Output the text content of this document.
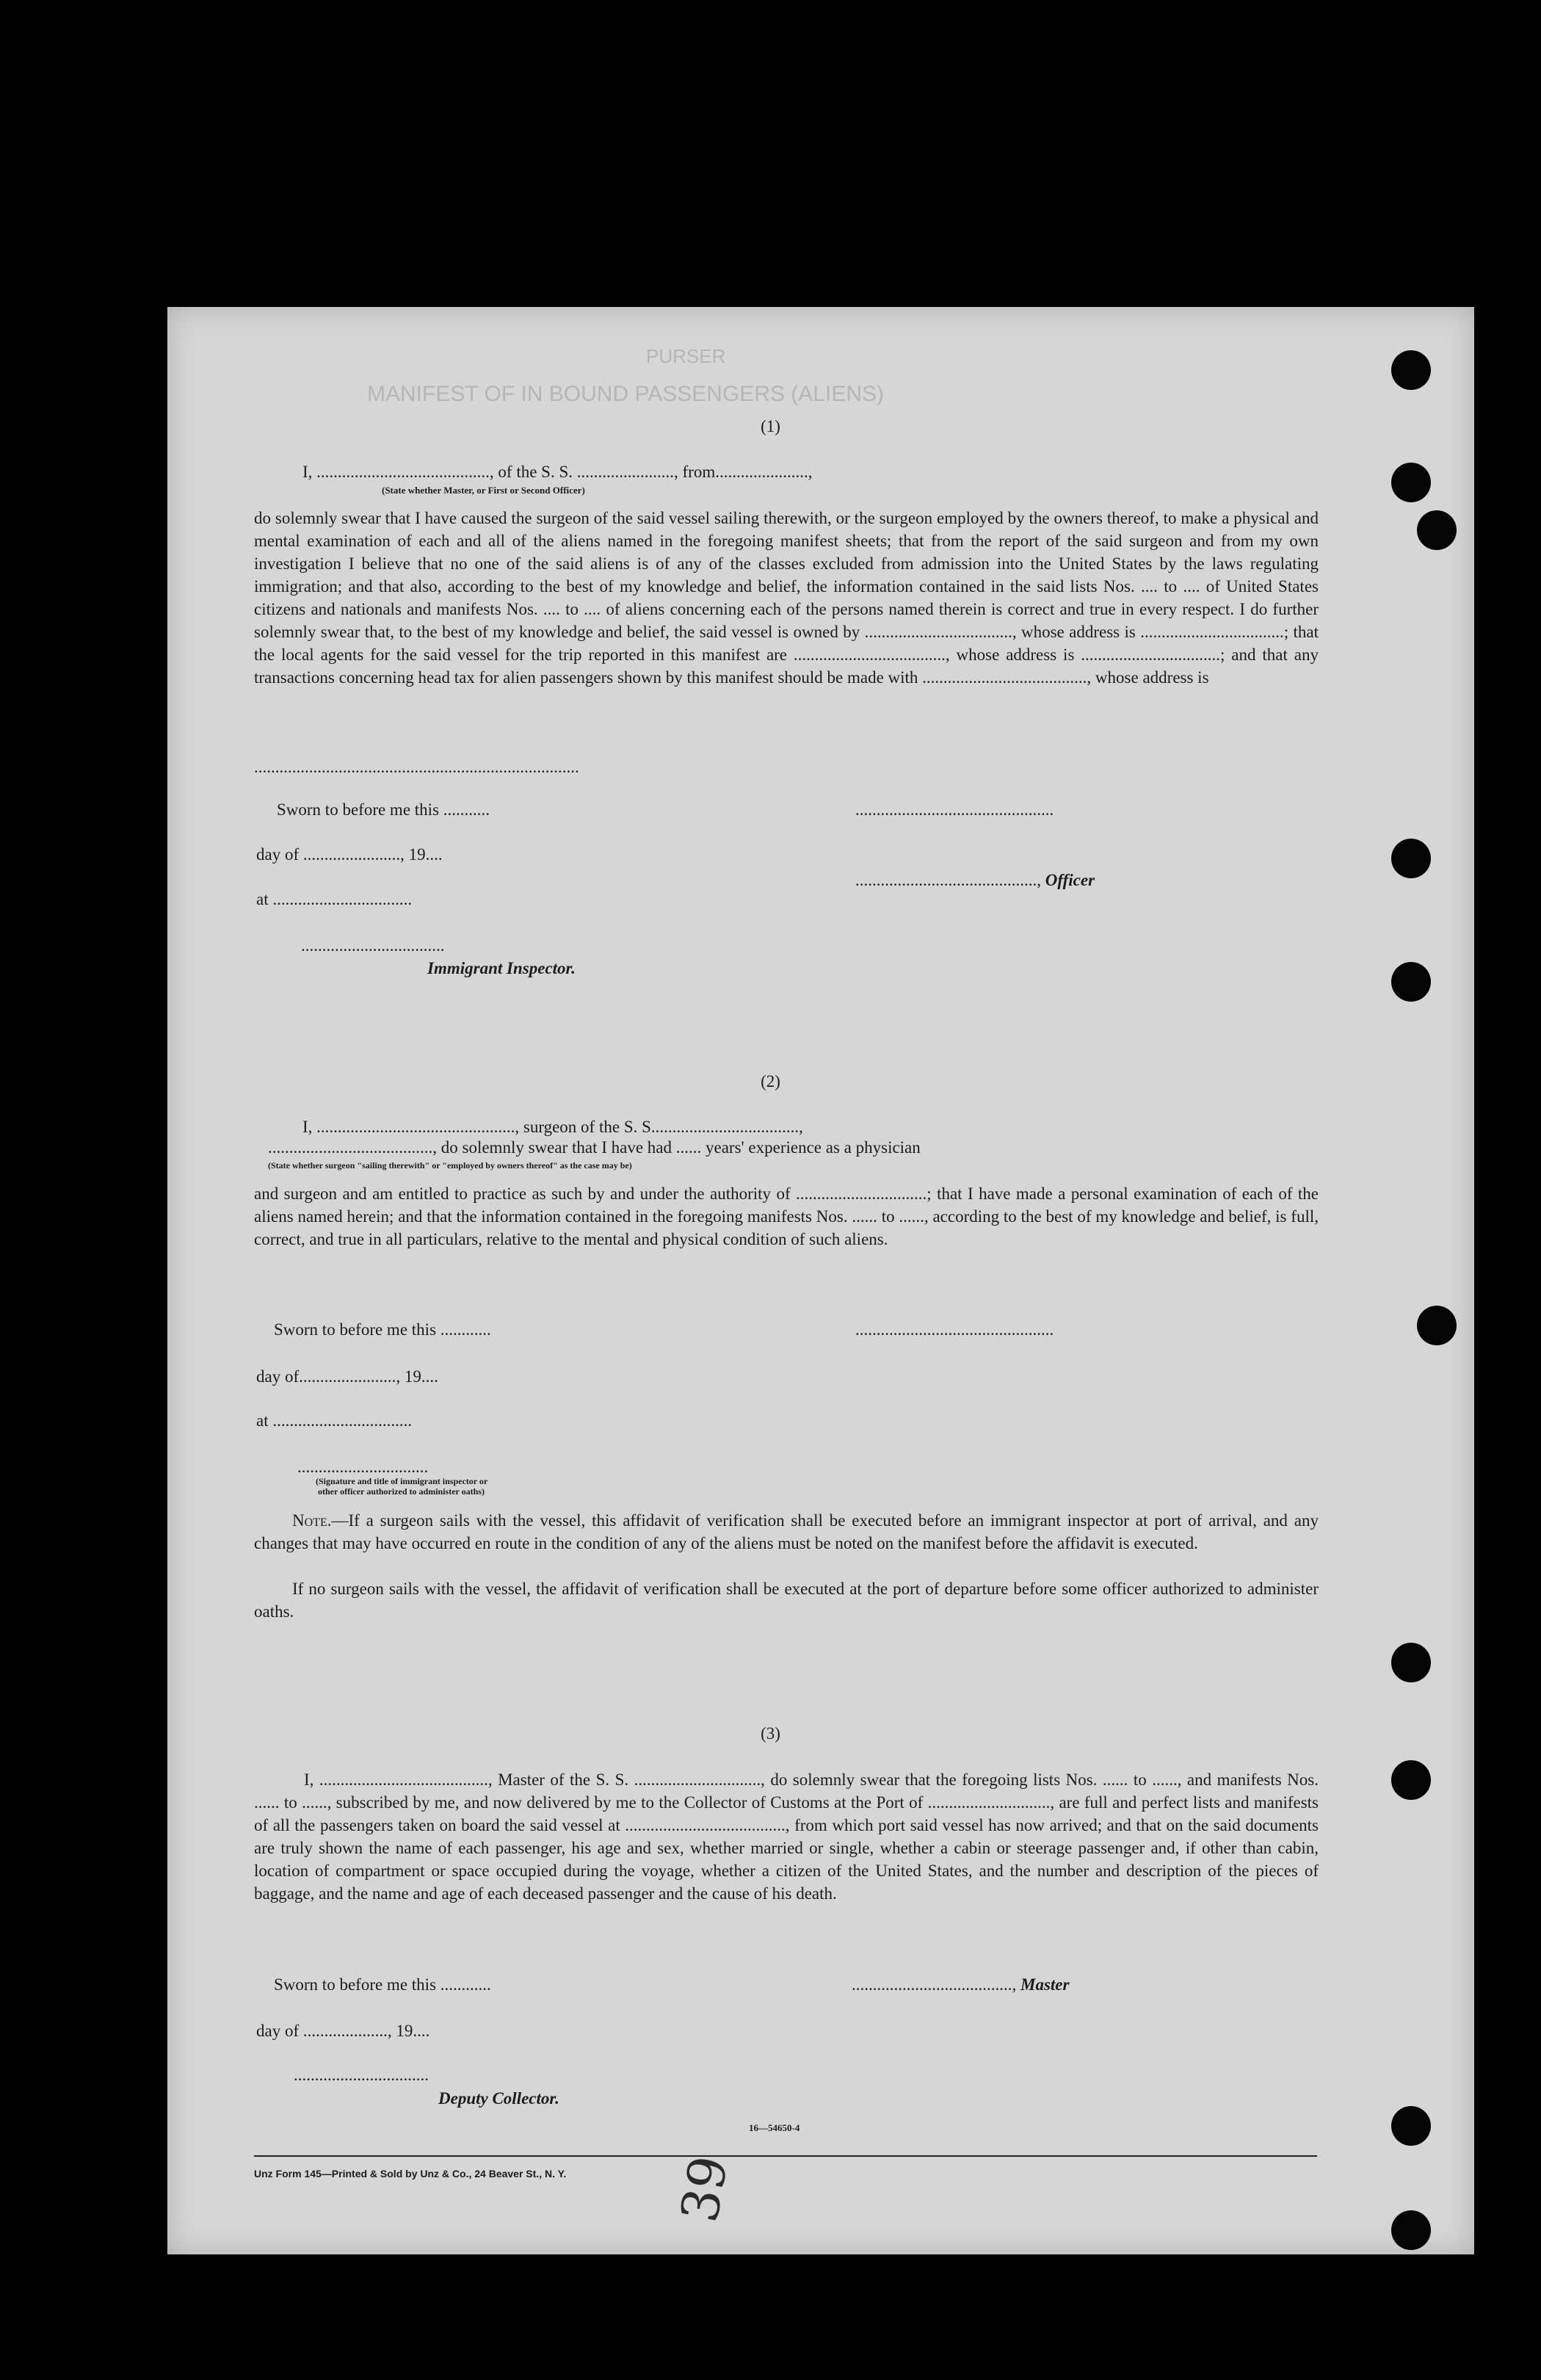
PURSER
MANIFEST OF IN BOUND PASSENGERS (ALIENS)
(1)
I, ........................................., of the S. S. ......................., from......................,
(State whether Master, or First or Second Officer)
do solemnly swear that I have caused the surgeon of the said vessel sailing therewith, or the surgeon employed by the owners thereof, to make a physical and mental examination of each and all of the aliens named in the foregoing manifest sheets; that from the report of the said surgeon and from my own investigation I believe that no one of the said aliens is of any of the classes excluded from admission into the United States by the laws regulating immigration; and that also, according to the best of my knowledge and belief, the information contained in the said lists Nos. .... to .... of United States citizens and nationals and manifests Nos. .... to .... of aliens concerning each of the persons named therein is correct and true in every respect. I do further solemnly swear that, to the best of my knowledge and belief, the said vessel is owned by ..................................., whose address is ..................................; that the local agents for the said vessel for the trip reported in this manifest are ...................................., whose address is .................................; and that any transactions concerning head tax for alien passengers shown by this manifest should be made with ......................................., whose address is
.............................................................................
Sworn to before me this ...........	...............................................
day of ......................., 19....
..........................................., Officer
at .................................
..................................
Immigrant Inspector.
(2)
I, ..............................................., surgeon of the S. S...................................,
......................................., do solemnly swear that I have had ...... years' experience as a physician
(State whether surgeon "sailing therewith" or "employed by owners thereof" as the case may be)
and surgeon and am entitled to practice as such by and under the authority of ...............................; that I have made a personal examination of each of the aliens named herein; and that the information contained in the foregoing manifests Nos. ...... to ......, according to the best of my knowledge and belief, is full, correct, and true in all particulars, relative to the mental and physical condition of such aliens.
Sworn to before me this ............	...............................................
day of......................., 19....
at .................................
...............................
(Signature and title of immigrant inspector or
other officer authorized to administer oaths)
Note.—If a surgeon sails with the vessel, this affidavit of verification shall be executed before an immigrant inspector at port of arrival, and any changes that may have occurred en route in the condition of any of the aliens must be noted on the manifest before the affidavit is executed.
If no surgeon sails with the vessel, the affidavit of verification shall be executed at the port of departure before some officer authorized to administer oaths.
(3)
I, ........................................, Master of the S. S. .............................., do solemnly swear that the foregoing lists Nos. ...... to ......, and manifests Nos. ...... to ......, subscribed by me, and now delivered by me to the Collector of Customs at the Port of ............................., are full and perfect lists and manifests of all the passengers taken on board the said vessel at ......................................, from which port said vessel has now arrived; and that on the said documents are truly shown the name of each passenger, his age and sex, whether married or single, whether a cabin or steerage passenger and, if other than cabin, location of compartment or space occupied during the voyage, whether a citizen of the United States, and the number and description of the pieces of baggage, and the name and age of each deceased passenger and the cause of his death.
Sworn to before me this ............	......................................, Master
day of ...................., 19....
................................
Deputy Collector.
16—54650-4
Unz Form 145—Printed & Sold by Unz & Co., 24 Beaver St., N. Y. 39
